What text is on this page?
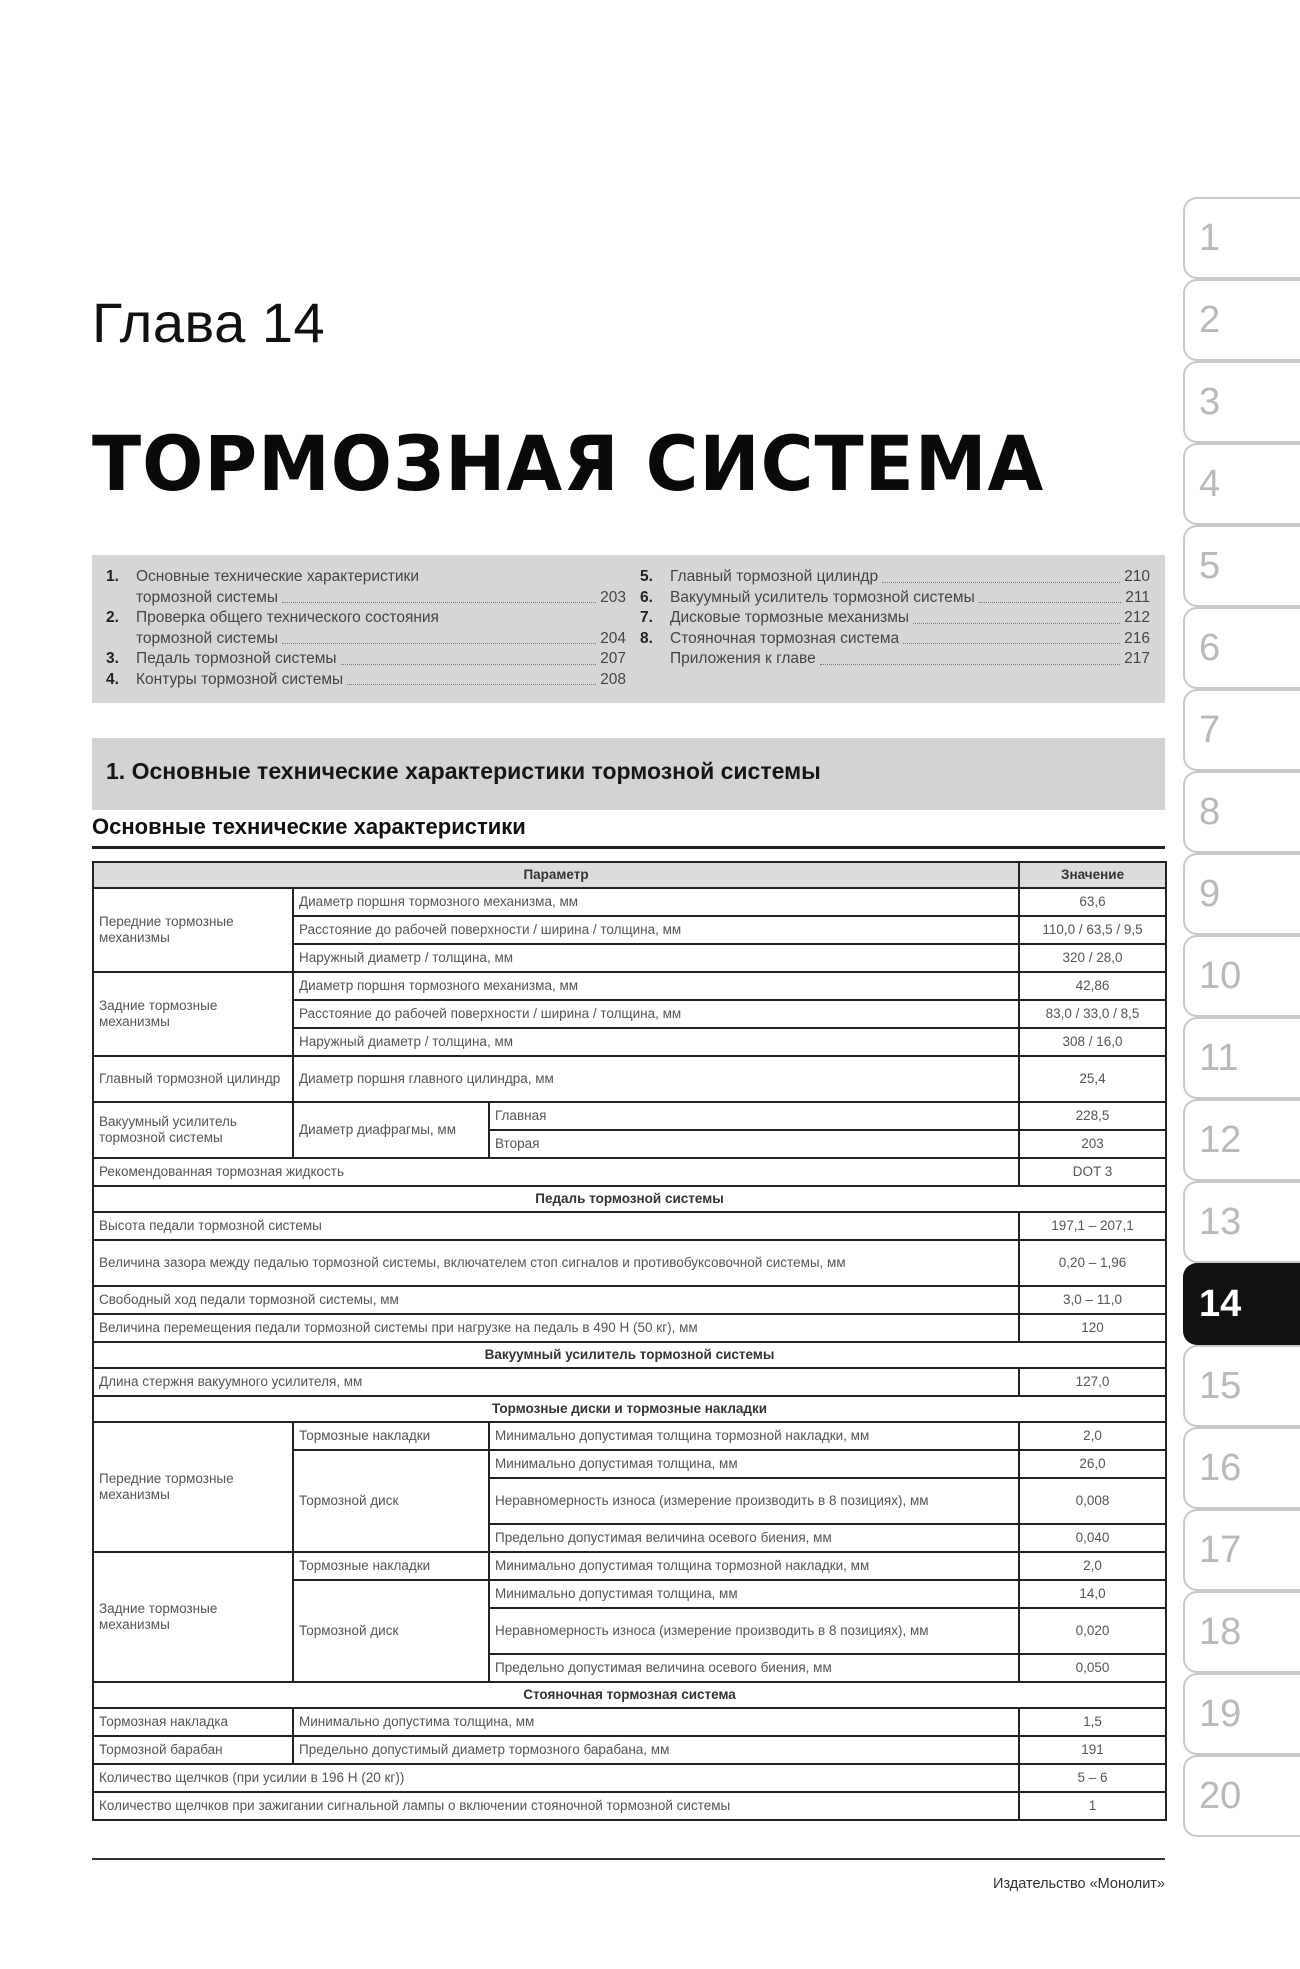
Глава 14
ТОРМОЗНАЯ СИСТЕМА
1.	Основные технические характеристики
тормозной системы	203
2.	Проверка общего технического состояния
тормозной системы	204
3.	Педаль тормозной системы	207
4.	Контуры тормозной системы	208
5.	Главный тормозной цилиндр	210
6.	Вакуумный усилитель тормозной системы	211
7.	Дисковые тормозные механизмы	212
8.	Стояночная тормозная система	216
Приложения к главе	217
1. Основные технические характеристики тормозной системы
Основные технические характеристики
Параметр			Значение
Передние тормозные механизмы	Диаметр поршня тормозного механизма, мм		63,6
	Расстояние до рабочей поверхности / ширина / толщина, мм		110,0 / 63,5 / 9,5
	Наружный диаметр / толщина, мм		320 / 28,0
Задние тормозные механизмы	Диаметр поршня тормозного механизма, мм		42,86
	Расстояние до рабочей поверхности / ширина / толщина, мм		83,0 / 33,0 / 8,5
	Наружный диаметр / толщина, мм		308 / 16,0
Главный тормозной цилиндр	Диаметр поршня главного цилиндра, мм		25,4
Вакуумный усилитель тормозной системы	Диаметр диафрагмы, мм	Главная	228,5
		Вторая	203
Рекомендованная тормозная жидкость			DOT 3
Педаль тормозной системы			
Высота педали тормозной системы			197,1 – 207,1
Величина зазора между педалью тормозной системы, включателем стоп сигналов и противобуксовочной системы, мм			0,20 – 1,96
Свободный ход педали тормозной системы, мм			3,0 – 11,0
Величина перемещения педали тормозной системы при нагрузке на педаль в 490 Н (50 кг), мм			120
Вакуумный усилитель тормозной системы			
Длина стержня вакуумного усилителя, мм			127,0
Тормозные диски и тормозные накладки			
Передние тормозные механизмы	Тормозные накладки	Минимально допустимая толщина тормозной накладки, мм	2,0
	Тормозной диск	Минимально допустимая толщина, мм	26,0
		Неравномерность износа (измерение производить в 8 позициях), мм	0,008
		Предельно допустимая величина осевого биения, мм	0,040
Задние тормозные механизмы	Тормозные накладки	Минимально допустимая толщина тормозной накладки, мм	2,0
	Тормозной диск	Минимально допустимая толщина, мм	14,0
		Неравномерность износа (измерение производить в 8 позициях), мм	0,020
		Предельно допустимая величина осевого биения, мм	0,050
Стояночная тормозная система			
Тормозная накладка	Минимально допустима толщина, мм		1,5
Тормозной барабан	Предельно допустимый диаметр тормозного барабана, мм		191
Количество щелчков (при усилии в 196 Н (20 кг))			5 – 6
Количество щелчков при зажигании сигнальной лампы о включении стояночной тормозной системы			1
Издательство «Монолит»
1
2
3
4
5
6
7
8
9
10
11
12
13
14
15
16
17
18
19
20
